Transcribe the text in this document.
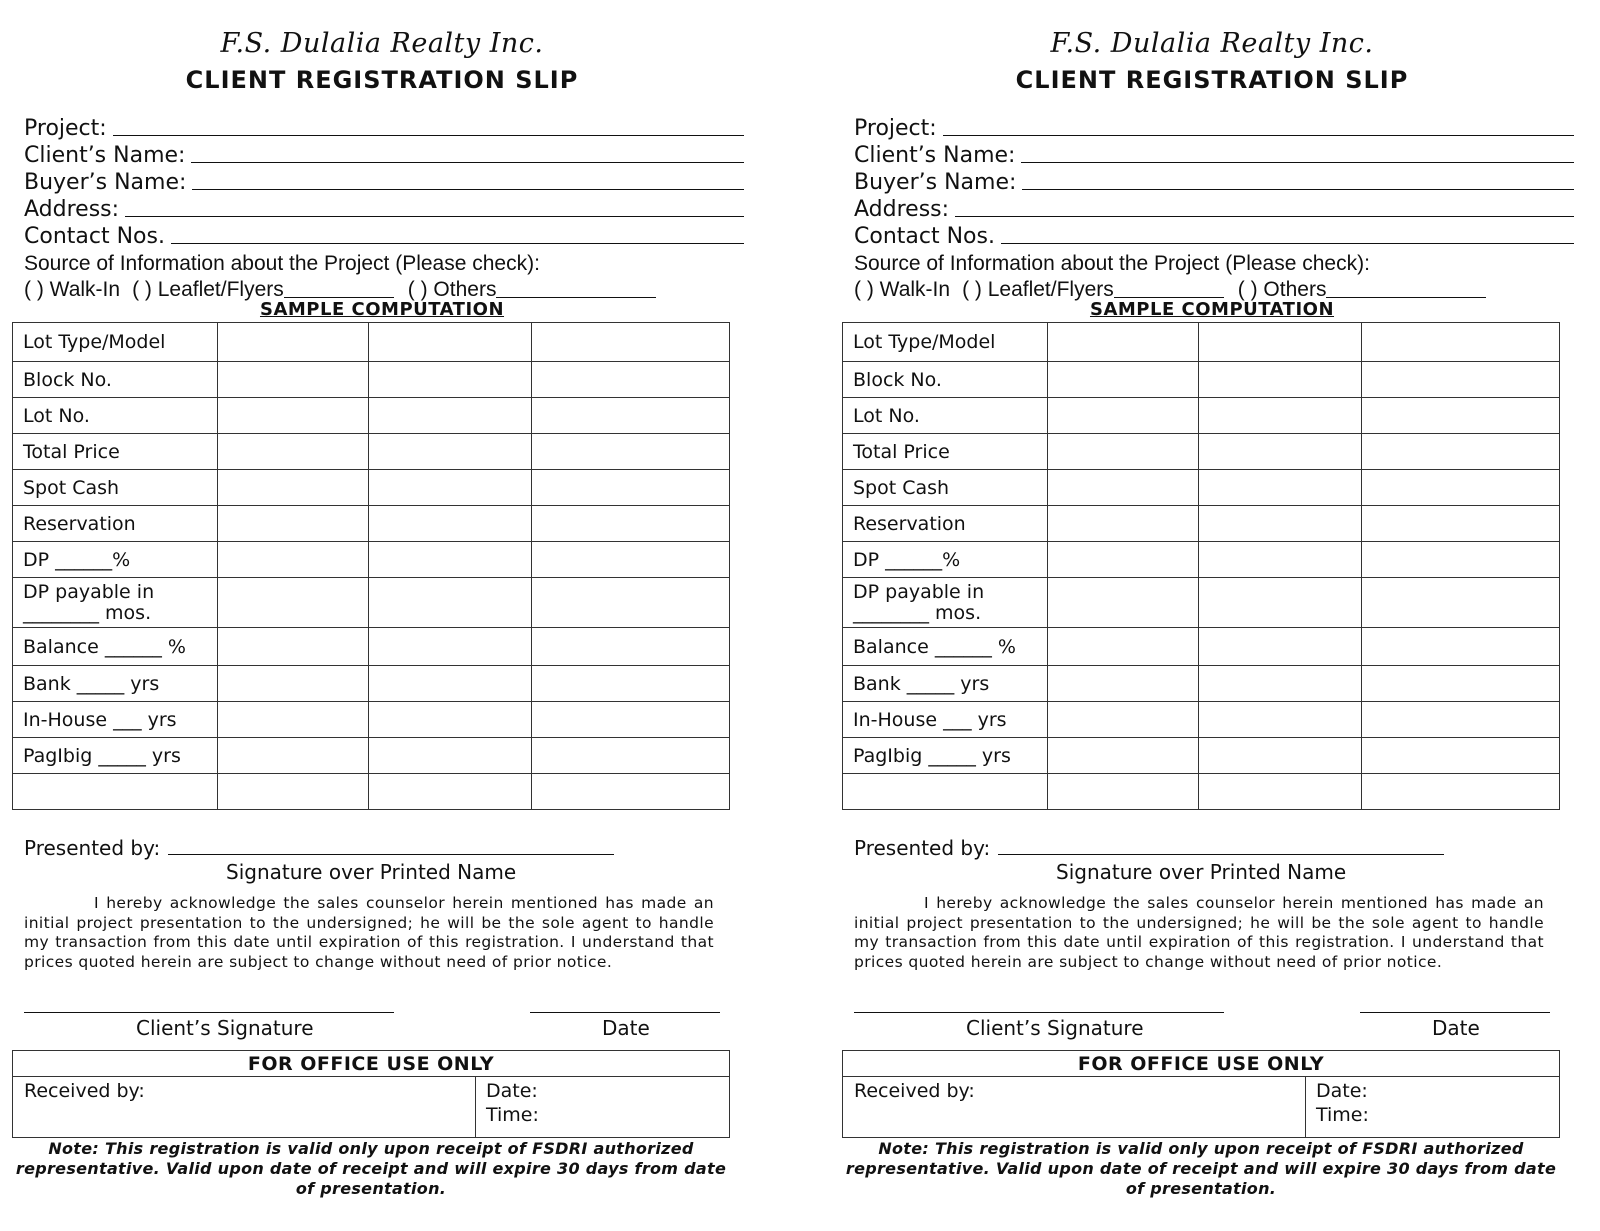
F.S. Dulalia Realty Inc.
CLIENT REGISTRATION SLIP
Project:
Client’s Name:
Buyer’s Name:
Address:
Contact Nos.
Source of Information about the Project (Please check):
( ) Walk-In ( ) Leaflet/Flyers	( ) Others
SAMPLE COMPUTATION
Lot Type/Model			

Block No.			

Lot No.			

Total Price			

Spot Cash			

Reservation			

DP ______%			

DP payable in
________ mos.			

Balance ______ %			

Bank _____ yrs			

In-House ___ yrs			

PagIbig _____ yrs			

Presented by:
Signature over Printed Name
I hereby acknowledge the sales counselor herein mentioned has made an initial project presentation to the undersigned; he will be the sole agent to handle my transaction from this date until expiration of this registration. I understand that prices quoted herein are subject to change without need of prior notice.
Client’s Signature	Date
FOR OFFICE USE ONLY
Received by:	Date:
Time:
Note: This registration is valid only upon receipt of FSDRI authorized representative. Valid upon date of receipt and will expire 30 days from date of presentation.
F.S. Dulalia Realty Inc.
CLIENT REGISTRATION SLIP
Project:
Client’s Name:
Buyer’s Name:
Address:
Contact Nos.
Source of Information about the Project (Please check):
( ) Walk-In ( ) Leaflet/Flyers	( ) Others
SAMPLE COMPUTATION
Lot Type/Model			

Block No.			

Lot No.			

Total Price			

Spot Cash			

Reservation			

DP ______%			

DP payable in
________ mos.			

Balance ______ %			

Bank _____ yrs			

In-House ___ yrs			

PagIbig _____ yrs			

Presented by:
Signature over Printed Name
I hereby acknowledge the sales counselor herein mentioned has made an initial project presentation to the undersigned; he will be the sole agent to handle my transaction from this date until expiration of this registration. I understand that prices quoted herein are subject to change without need of prior notice.
Client’s Signature	Date
FOR OFFICE USE ONLY
Received by:	Date:
Time:
Note: This registration is valid only upon receipt of FSDRI authorized representative. Valid upon date of receipt and will expire 30 days from date of presentation.
